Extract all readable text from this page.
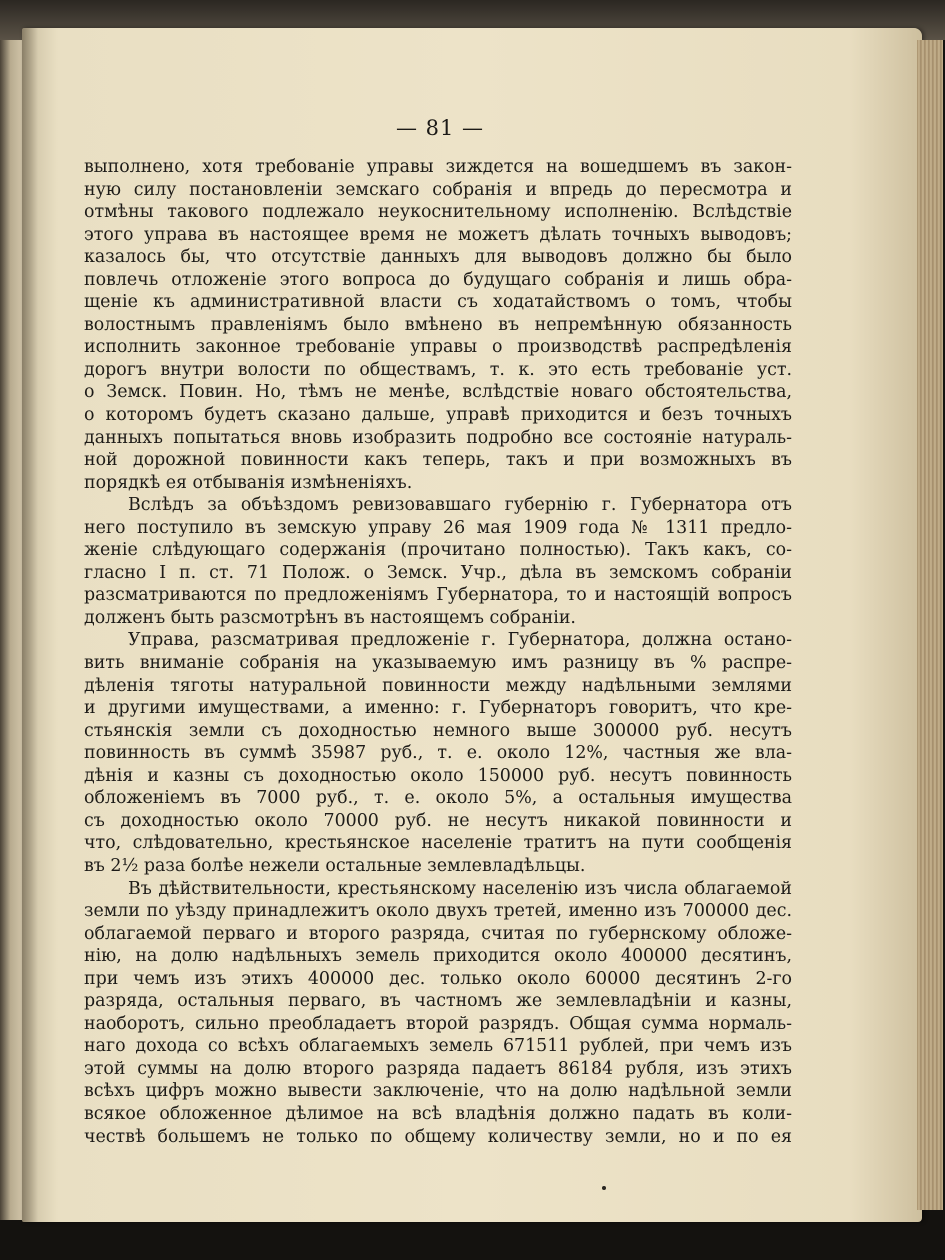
— 81 —
выполнено, хотя требованіе управы зиждется на вошедшемъ въ закон-
ную силу постановленіи земскаго собранія и впредь до пересмотра и
отмѣны такового подлежало неукоснительному исполненію. Вслѣдствіе
этого управа въ настоящее время не можетъ дѣлать точныхъ выводовъ;
казалось бы, что отсутствіе данныхъ для выводовъ должно бы было
повлечь отложеніе этого вопроса до будущаго собранія и лишь обра-
щеніе къ административной власти съ ходатайствомъ о томъ, чтобы
волостнымъ правленіямъ было вмѣнено въ непремѣнную обязанность
исполнить законное требованіе управы о производствѣ распредѣленія
дорогъ внутри волости по обществамъ, т. к. это есть требованіе уст.
о Земск. Повин. Но, тѣмъ не менѣе, вслѣдствіе новаго обстоятельства,
о которомъ будетъ сказано дальше, управѣ приходится и безъ точныхъ
данныхъ попытаться вновь изобразить подробно все состояніе натураль-
ной дорожной повинности какъ теперь, такъ и при возможныхъ въ
порядкѣ ея отбыванія измѣненіяхъ.
Вслѣдъ за объѣздомъ ревизовавшаго губернію г. Губернатора отъ
него поступило въ земскую управу 26 мая 1909 года № 1311 предло-
женіе слѣдующаго содержанія (прочитано полностью). Такъ какъ, со-
гласно I п. ст. 71 Полож. о Земск. Учр., дѣла въ земскомъ собраніи
разсматриваются по предложеніямъ Губернатора, то и настоящій вопросъ
долженъ быть разсмотрѣнъ въ настоящемъ собраніи.
Управа, разсматривая предложеніе г. Губернатора, должна останo-
вить вниманіе собранія на указываемую имъ разницу въ % распре-
дѣленія тяготы натуральной повинности между надѣльными землями
и другими имуществами, а именно: г. Губернаторъ говоритъ, что кре-
стьянскія земли съ доходностью немного выше 300000 руб. несутъ
повинность въ суммѣ 35987 руб., т. е. около 12%, частныя же вла-
дѣнія и казны съ доходностью около 150000 руб. несутъ повинность
обложеніемъ въ 7000 руб., т. е. около 5%, а остальныя имущества
съ доходностью около 70000 руб. не несутъ никакой повинности и
что, слѣдовательно, крестьянское населеніе тратитъ на пути сообщенія
въ 2½ раза болѣе нежели остальные землевладѣльцы.
Въ дѣйствительности, крестьянскому населенію изъ числа облагаемой
земли по уѣзду принадлежитъ около двухъ третей, именно изъ 700000 дес.
облагаемой перваго и второго разряда, считая по губернскому обложе-
нію, на долю надѣльныхъ земель приходится около 400000 десятинъ,
при чемъ изъ этихъ 400000 дес. только около 60000 десятинъ 2-го
разряда, остальныя перваго, въ частномъ же землевладѣніи и казны,
наоборотъ, сильно преобладаетъ второй разрядъ. Общая сумма нормаль-
наго дохода со всѣхъ облагаемыхъ земель 671511 рублей, при чемъ изъ
этой суммы на долю второго разряда падаетъ 86184 рубля, изъ этихъ
всѣхъ цифръ можно вывести заключеніе, что на долю надѣльной земли
всякое обложенное дѣлимое на всѣ владѣнія должно падать въ коли-
чествѣ большемъ не только по общему количеству земли, но и по ея
